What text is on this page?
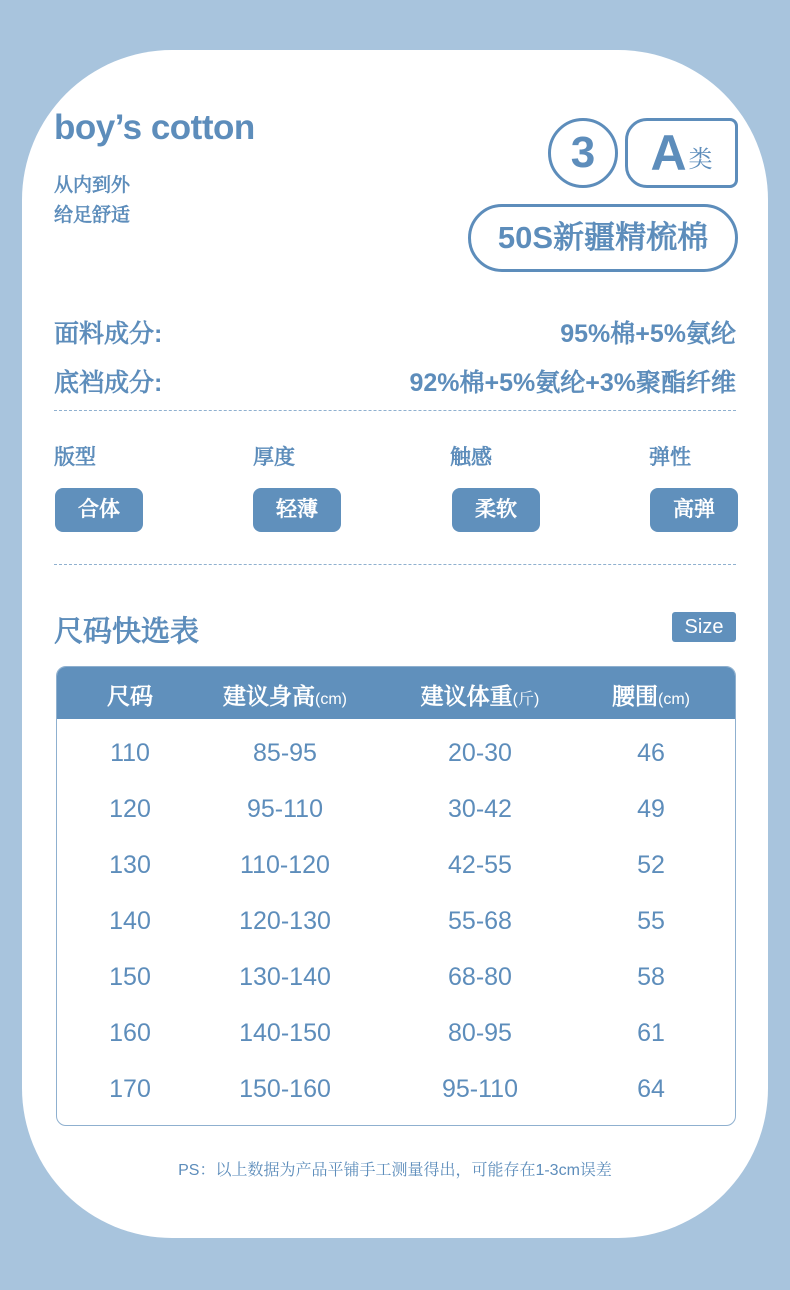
boy’s cotton
从内到外
给足舒适
3	A 类
50S新疆精梳棉
面料成分:	95%棉+5%氨纶
底裆成分:	92%棉+5%氨纶+3%聚酯纤维
版型	厚度	触感	弹性
合体	轻薄	柔软	高弹
尺码快选表	Size
尺码	建议身高(cm)	建议体重(斤)	腰围(cm)
110	85-95	20-30	46
120	95-110	30-42	49
130	110-120	42-55	52
140	120-130	55-68	55
150	130-140	68-80	58
160	140-150	80-95	61
170	150-160	95-110	64
PS：以上数据为产品平铺手工测量得出，可能存在1-3cm误差
